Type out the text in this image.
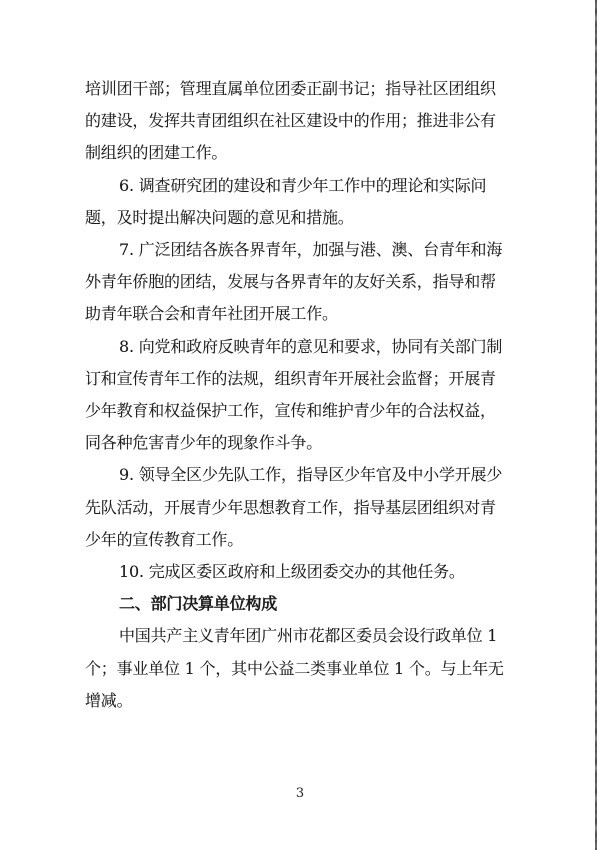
培训团干部；管理直属单位团委正副书记；指导社区团组织
的建设，发挥共青团组织在社区建设中的作用；推进非公有
制组织的团建工作。

6. 调查研究团的建设和青少年工作中的理论和实际问
题，及时提出解决问题的意见和措施。

7. 广泛团结各族各界青年，加强与港、澳、台青年和海
外青年侨胞的团结，发展与各界青年的友好关系，指导和帮
助青年联合会和青年社团开展工作。

8. 向党和政府反映青年的意见和要求，协同有关部门制
订和宣传青年工作的法规，组织青年开展社会监督；开展青
少年教育和权益保护工作，宣传和维护青少年的合法权益，
同各种危害青少年的现象作斗争。

9. 领导全区少先队工作，指导区少年官及中小学开展少
先队活动，开展青少年思想教育工作，指导基层团组织对青
少年的宣传教育工作。

10. 完成区委区政府和上级团委交办的其他任务。

二、部门决算单位构成

中国共产主义青年团广州市花都区委员会设行政单位 1
个；事业单位 1 个，其中公益二类事业单位 1 个。与上年无
增减。

3
